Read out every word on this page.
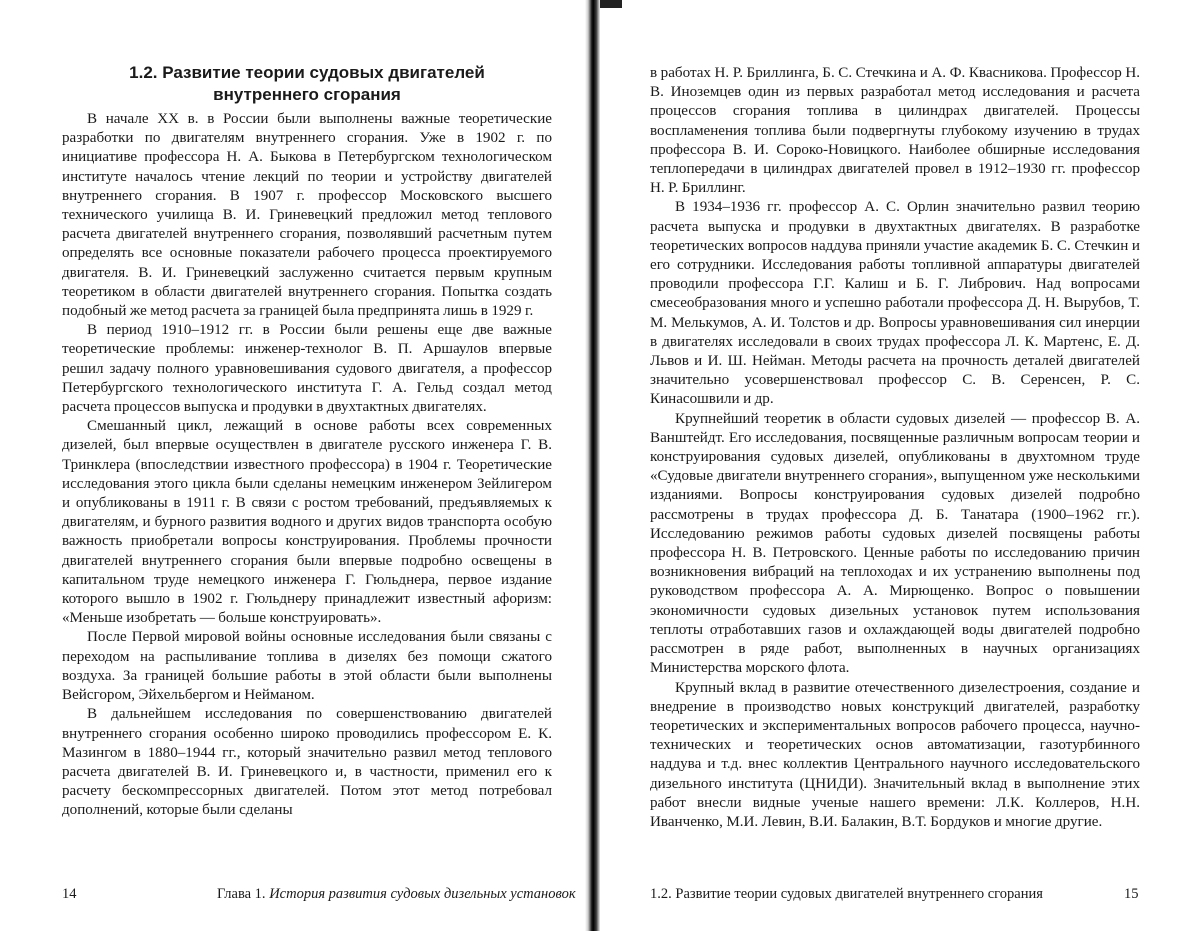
1.2. Развитие теории судовых двигателей
внутреннего сгорания

В начале XX в. в России были выполнены важные теоретиче­ские разработки по двигателям внутреннего сгорания. Уже в 1902 г. по инициативе профессора Н. А. Быкова в Петербургском техно­логическом институте началось чтение лекций по теории и уст­ройству двигателей внутреннего сгорания. В 1907 г. профессор Московского высшего технического училища В. И. Гриневецкий предложил метод теплового расчета двигателей внутреннего сго­рания, позволявший расчетным путем определять все основные по­казатели рабочего процесса проектируемого двигателя. В. И. Гри­невецкий заслуженно считается первым крупным теоретиком в об­ласти двигателей внутреннего сгорания. Попытка создать подоб­ный же метод расчета за границей была предпринята лишь в 1929 г.

В период 1910–1912 гг. в России были решены еще две важные теоретические проблемы: инженер-технолог В. П. Аршаулов впер­вые решил задачу полного уравновешивания судового двигателя, а профессор Петербургского технологического института Г. А. Гельд создал метод расчета процессов выпуска и продувки в двухтактных двигателях.

Смешанный цикл, лежащий в основе работы всех современ­ных дизелей, был впервые осуществлен в двигателе русского ин­женера Г. В. Тринклера (впоследствии известного профессора) в 1904 г. Теоретические исследования этого цикла были сделаны немецким инженером Зейлигером и опубликованы в 1911 г. В свя­зи с ростом требований, предъявляемых к двигателям, и бурного развития водного и других видов транспорта особую важность приобретали вопросы конструирования. Проблемы прочности дви­гателей внутреннего сгорания были впервые подробно освещены в капитальном труде немецкого инженера Г. Гюльднера, первое из­дание которого вышло в 1902 г. Гюльднеру принадлежит известный афоризм: «Меньше изобретать — больше конструировать».

После Первой мировой войны основные исследования были связаны с переходом на распыливание топлива в дизелях без по­мощи сжатого воздуха. За границей большие работы в этой облас­ти были выполнены Вейсгором, Эйхельбергом и Нейманом.

В дальнейшем исследования по совершенствованию двигате­лей внутреннего сгорания особенно широко проводились профес­сором Е. К. Мазингом в 1880–1944 гг., который значительно раз­вил метод теплового расчета двигателей В. И. Гриневецкого и, в частности, применил его к расчету бескомпрессорных двигателей. Потом этот метод потребовал дополнений, которые были сделаны

14	Глава 1. История развития судовых дизельных установок

в работах Н. Р. Бриллинга, Б. С. Стечкина и А. Ф. Квасникова. Профессор Н. В. Иноземцев один из первых разработал метод ис­следования и расчета процессов сгорания топлива в цилиндрах двигателей. Процессы воспламенения топлива были подвергнуты глубокому изучению в трудах профессора В. И. Сороко-Новицко­го. Наиболее обширные исследования теплопередачи в цилиндрах двигателей провел в 1912–1930 гг. профессор Н. Р. Бриллинг.

В 1934–1936 гг. профессор А. С. Орлин значительно развил теорию расчета выпуска и продувки в двухтактных двигателях. В разработке теоретических вопросов наддува приняли участие академик Б. С. Стечкин и его сотрудники. Исследования работы топливной аппаратуры двигателей проводили профессора Г.Г. Ка­лиш и Б. Г. Либрович. Над вопросами смесеобразования много и успешно работали профессора Д. Н. Вырубов, Т. М. Мелькумов, А. И. Толстов и др. Вопросы уравновешивания сил инерции в дви­гателях исследовали в своих трудах профессора Л. К. Мартенс, Е. Д. Львов и И. Ш. Нейман. Методы расчета на прочность деталей двигателей значительно усовершенствовал профессор С. В. Серен­сен, Р. С. Кинасошвили и др.

Крупнейший теоретик в области судовых дизелей — профес­сор В. А. Ванштейдт. Его исследования, посвященные различным вопросам теории и конструирования судовых дизелей, опублико­ваны в двухтомном труде «Судовые двигатели внутреннего сгора­ния», выпущенном уже несколькими изданиями. Вопросы конст­руирования судовых дизелей подробно рассмотрены в трудах профессора Д. Б. Танатара (1900–1962 гг.). Исследованию режи­мов работы судовых дизелей посвящены работы профессора Н. В. Петровского. Ценные работы по исследованию причин воз­никновения вибраций на теплоходах и их устранению выполнены под руководством профессора А. А. Мирющенко. Вопрос о повы­шении экономичности судовых дизельных установок путем ис­пользования теплоты отработавших газов и охлаждающей воды двигателей подробно рассмотрен в ряде работ, выполненных в научных организациях Министерства морского флота.

Крупный вклад в развитие отечественного дизелестроения, создание и внедрение в производство новых конструкций двига­телей, разработку теоретических и экспериментальных вопросов рабочего процесса, научно-технических и теоретических основ автоматизации, газотурбинного наддува и т.д. внес коллектив Центрального научного исследовательского дизельного института (ЦНИДИ). Значительный вклад в выполнение этих работ внесли видные ученые нашего времени: Л.К. Коллеров, Н.Н. Иванченко, М.И. Левин, В.И. Балакин, В.Т. Бордуков и многие другие.

1.2. Развитие теории судовых двигателей внутреннего сгорания	15
